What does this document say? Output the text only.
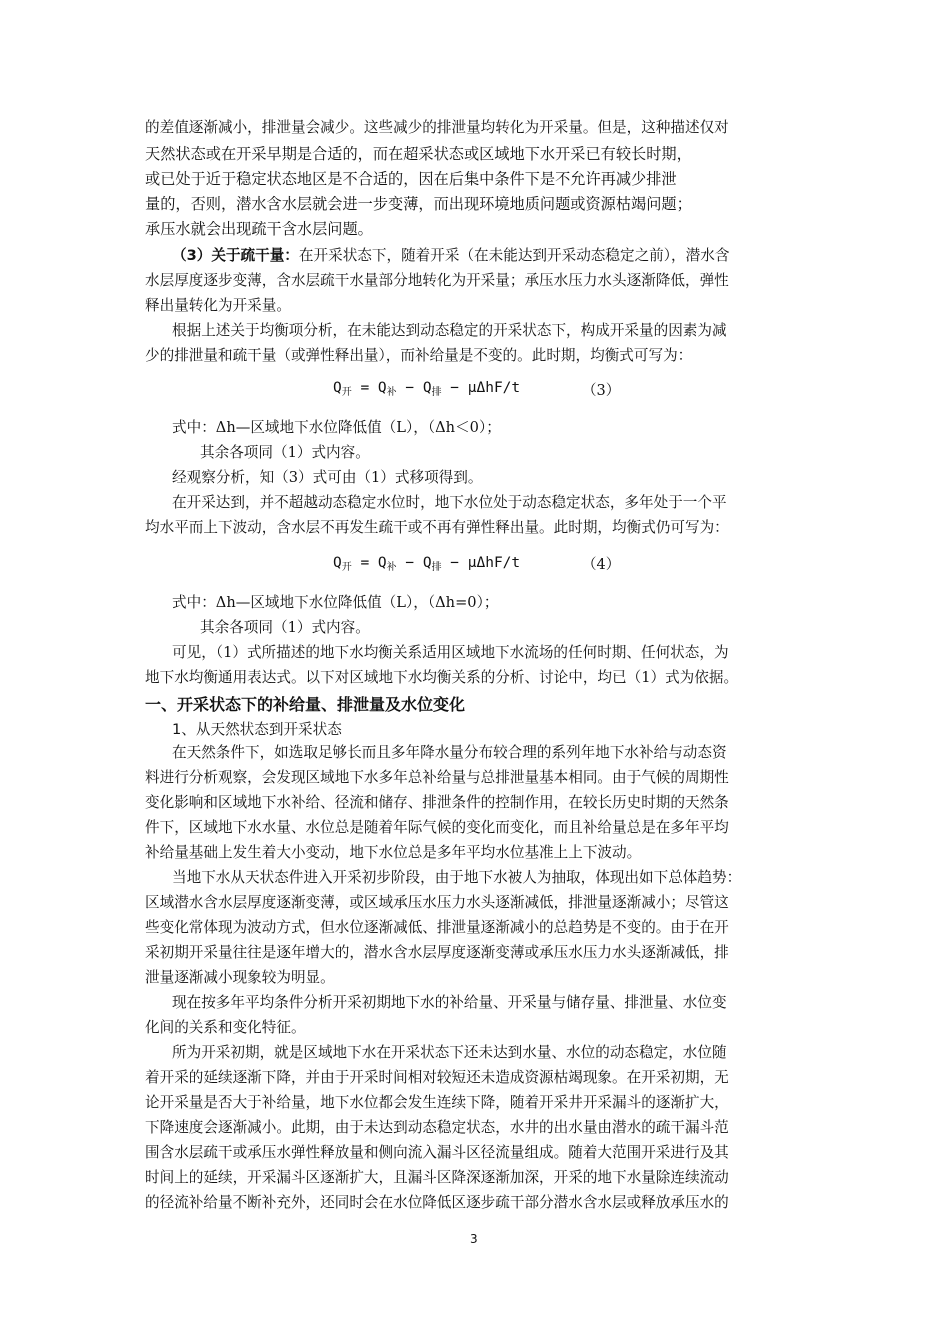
的差值逐渐减小，排泄量会减少。这些减少的排泄量均转化为开采量。但是，这种描述仅对
天然状态或在开采早期是合适的，而在超采状态或区域地下水开采已有较长时期，
或已处于近于稳定状态地区是不合适的，因在后集中条件下是不允许再减少排泄
量的，否则，潜水含水层就会进一步变薄，而出现环境地质问题或资源枯竭问题；
承压水就会出现疏干含水层问题。
（3）关于疏干量：在开采状态下，随着开采（在未能达到开采动态稳定之前），潜水含
水层厚度逐步变薄，含水层疏干水量部分地转化为开采量；承压水压力水头逐渐降低，弹性
释出量转化为开采量。
根据上述关于均衡项分析，在未能达到动态稳定的开采状态下，构成开采量的因素为减
少的排泄量和疏干量（或弹性释出量），而补给量是不变的。此时期，均衡式可写为：
$Q_开 = Q_补 - Q_排 - \mu\Delta hF/t$	（3）
式中：Δh—区域地下水位降低值（L），（Δh＜0）；
其余各项同（1）式内容。
经观察分析，知（3）式可由（1）式移项得到。
在开采达到，并不超越动态稳定水位时，地下水位处于动态稳定状态，多年处于一个平
均水平而上下波动，含水层不再发生疏干或不再有弹性释出量。此时期，均衡式仍可写为：
$Q_开 = Q_补 - Q_排 - \mu\Delta hF/t$	（4）
式中：Δh—区域地下水位降低值（L），（Δh=0）；
其余各项同（1）式内容。
可见，（1）式所描述的地下水均衡关系适用区域地下水流场的任何时期、任何状态，为
地下水均衡通用表达式。以下对区域地下水均衡关系的分析、讨论中，均已（1）式为依据。
一、开采状态下的补给量、排泄量及水位变化
1、从天然状态到开采状态
在天然条件下，如选取足够长而且多年降水量分布较合理的系列年地下水补给与动态资
料进行分析观察，会发现区域地下水多年总补给量与总排泄量基本相同。由于气候的周期性
变化影响和区域地下水补给、径流和储存、排泄条件的控制作用，在较长历史时期的天然条
件下，区域地下水水量、水位总是随着年际气候的变化而变化，而且补给量总是在多年平均
补给量基础上发生着大小变动，地下水位总是多年平均水位基准上上下波动。
当地下水从天状态件进入开采初步阶段，由于地下水被人为抽取，体现出如下总体趋势：
区域潜水含水层厚度逐渐变薄，或区域承压水压力水头逐渐减低，排泄量逐渐减小；尽管这
些变化常体现为波动方式，但水位逐渐减低、排泄量逐渐减小的总趋势是不变的。由于在开
采初期开采量往往是逐年增大的，潜水含水层厚度逐渐变薄或承压水压力水头逐渐减低，排
泄量逐渐减小现象较为明显。
现在按多年平均条件分析开采初期地下水的补给量、开采量与储存量、排泄量、水位变
化间的关系和变化特征。
所为开采初期，就是区域地下水在开采状态下还未达到水量、水位的动态稳定，水位随
着开采的延续逐渐下降，并由于开采时间相对较短还未造成资源枯竭现象。在开采初期，无
论开采量是否大于补给量，地下水位都会发生连续下降，随着开采井开采漏斗的逐渐扩大，
下降速度会逐渐减小。此期，由于未达到动态稳定状态，水井的出水量由潜水的疏干漏斗范
围含水层疏干或承压水弹性释放量和侧向流入漏斗区径流量组成。随着大范围开采进行及其
时间上的延续，开采漏斗区逐渐扩大，且漏斗区降深逐渐加深，开采的地下水量除连续流动
的径流补给量不断补充外，还同时会在水位降低区逐步疏干部分潜水含水层或释放承压水的
3
